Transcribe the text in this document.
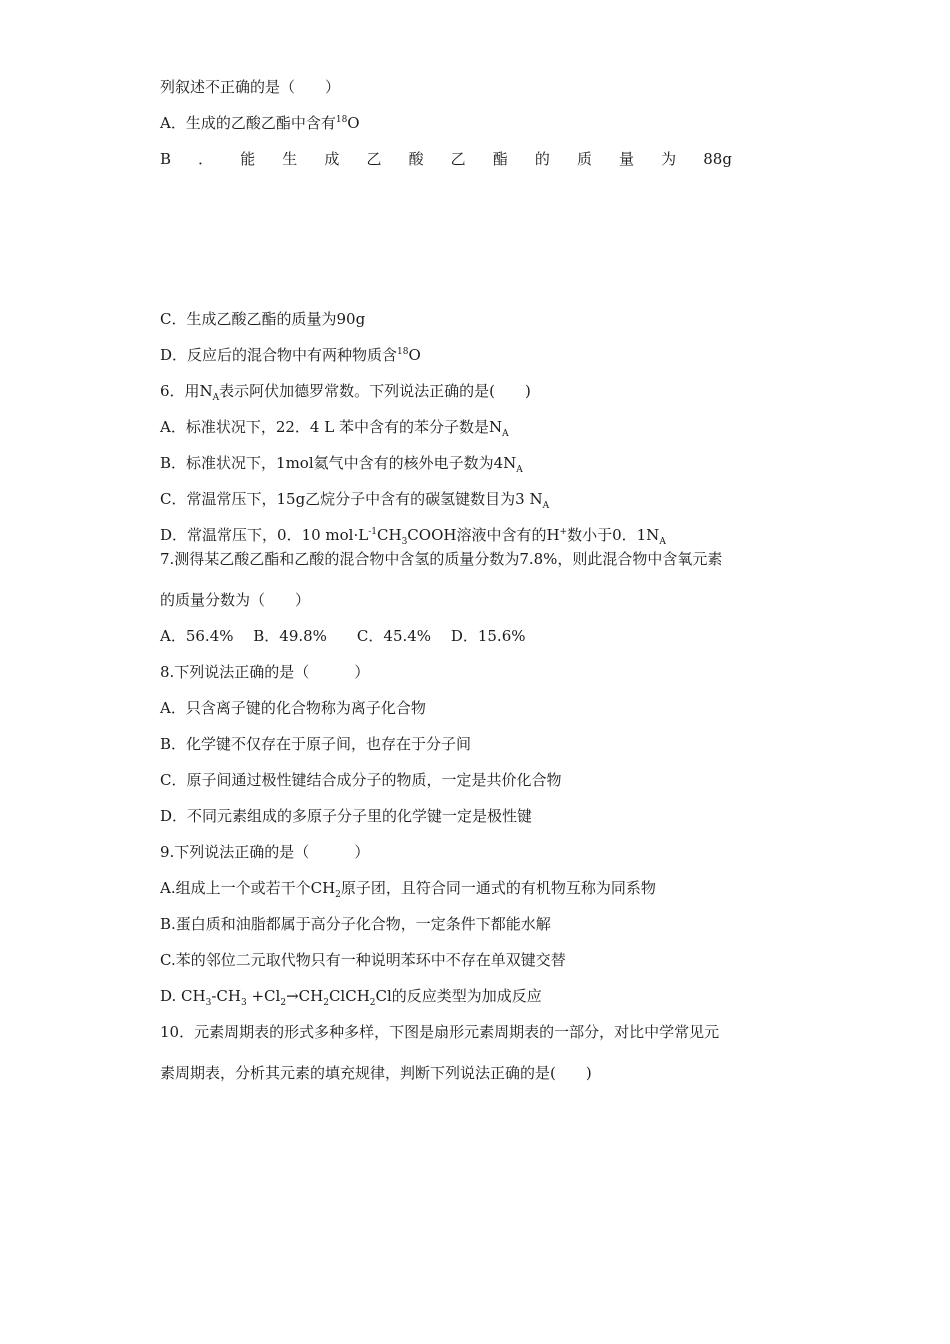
列叙述不正确的是（　　）
A．生成的乙酸乙酯中含有$^{18}$O
B ． 能 生 成 乙 酸 乙 酯 的 质 量 为 88g
C．生成乙酸乙酯的质量为90g
D．反应后的混合物中有两种物质含$^{18}$O
6．用$N_A$表示阿伏加德罗常数。下列说法正确的是(　　)
A．标准状况下，22．4 L 苯中含有的苯分子数是$N_A$
B．标准状况下，1mol氦气中含有的核外电子数为$4N_A$
C．常温常压下，15g乙烷分子中含有的碳氢键数目为3 $N_A$
D．常温常压下，0．10 $mol\cdot L^{-1}CH_3COOH$溶液中含有的H+数小于0．$1N_A$
7.测得某乙酸乙酯和乙酸的混合物中含氢的质量分数为7.8%，则此混合物中含氧元素
的质量分数为（　　）
A．56.4%　 B．49.8%　　C．45.4%　 D．15.6%
8.下列说法正确的是（　　　）
A．只含离子键的化合物称为离子化合物
B．化学键不仅存在于原子间，也存在于分子间
C．原子间通过极性键结合成分子的物质，一定是共价化合物
D．不同元素组成的多原子分子里的化学键一定是极性键
9.下列说法正确的是（　　　）
A.组成上一个或若干个$CH_2$原子团，且符合同一通式的有机物互称为同系物
B.蛋白质和油脂都属于高分子化合物，一定条件下都能水解
C.苯的邻位二元取代物只有一种说明苯环中不存在单双键交替
D. $CH_3-CH_3$ $+Cl_2\to CH_2ClCH_2Cl$的反应类型为加成反应
10．元素周期表的形式多种多样，下图是扇形元素周期表的一部分，对比中学常见元
素周期表，分析其元素的填充规律，判断下列说法正确的是(　　)
